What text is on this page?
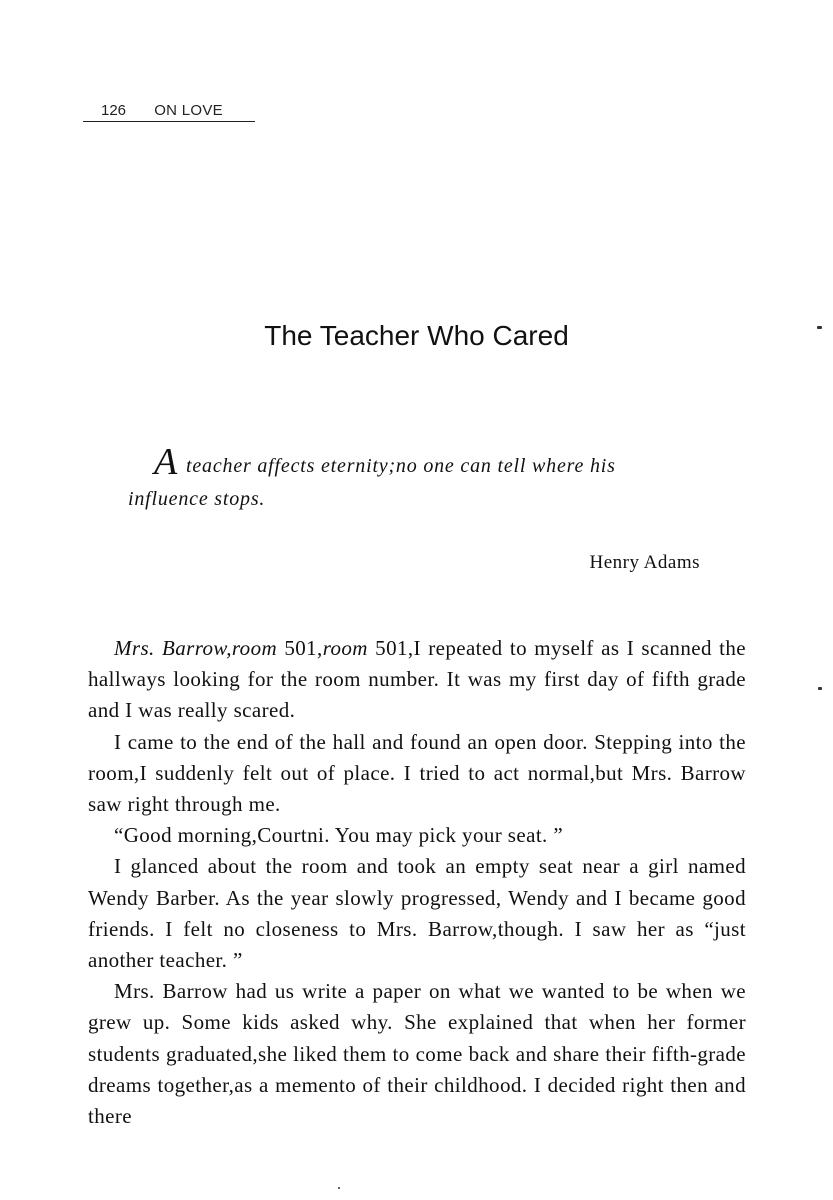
126 ON LOVE
The Teacher Who Cared
Ateacher affects eternity;no one can tell where his
influence stops.
Henry Adams

Mrs. Barrow,room 501,room 501,I repeated to myself as I scanned the hallways looking for the room number. It was my first day of fifth grade and I was really scared.

I came to the end of the hall and found an open door. Stepping into the room,I suddenly felt out of place. I tried to act normal,but Mrs. Barrow saw right through me.

“Good morning,Courtni. You may pick your seat. ”

I glanced about the room and took an empty seat near a girl named Wendy Barber. As the year slowly progressed, Wendy and I became good friends. I felt no closeness to Mrs. Barrow,though. I saw her as “just another teacher. ”

Mrs. Barrow had us write a paper on what we wanted to be when we grew up. Some kids asked why. She explained that when her former students graduated,she liked them to come back and share their fifth-grade dreams together,as a memento of their childhood. I decided right then and there
